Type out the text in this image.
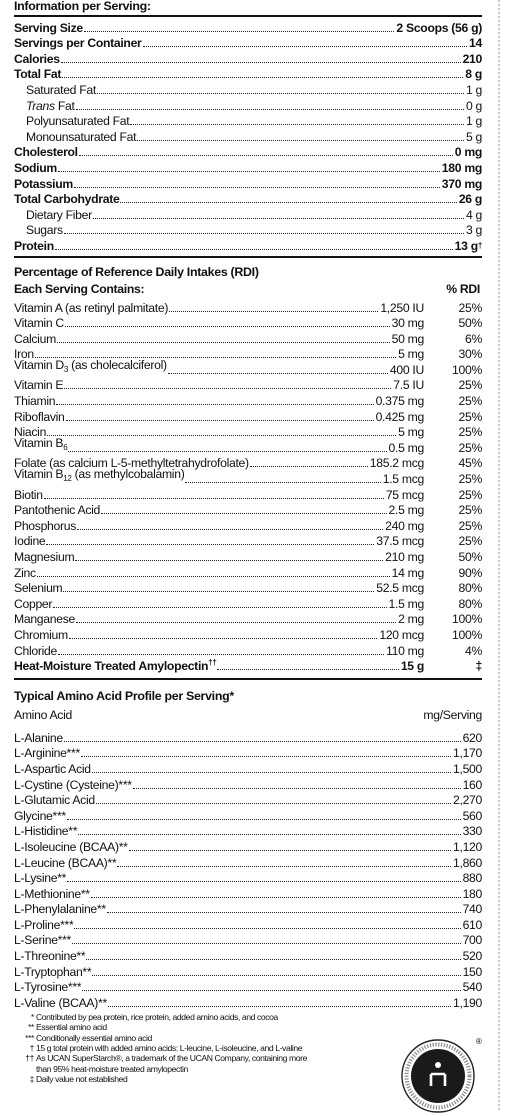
Information per Serving:
Serving Size	2 Scoops (56 g)
Servings per Container	14
Calories	210
Total Fat	8 g
Saturated Fat	1 g
Trans Fat	0 g
Polyunsaturated Fat	1 g
Monounsaturated Fat	5 g
Cholesterol	0 mg
Sodium	180 mg
Potassium	370 mg
Total Carbohydrate	26 g
Dietary Fiber	4 g
Sugars	3 g
Protein	13 g †
Percentage of Reference Daily Intakes (RDI)
Each Serving Contains:	% RDI
Vitamin A (as retinyl palmitate)	1,250 IU	25%
Vitamin C	30 mg	50%
Calcium	50 mg	6%
Iron	5 mg	30%
Vitamin $D_3$ (as cholecalciferol)	400 IU	100%
Vitamin E	7.5 IU	25%
Thiamin	0.375 mg	25%
Riboflavin	0.425 mg	25%
Niacin	5 mg	25%
Vitamin $B_6$	0.5 mg	25%
Folate (as calcium L-5-methyltetrahydrofolate)	185.2 mcg	45%
Vitamin $B_{12}$ (as methylcobalamin)	1.5 mcg	25%
Biotin	75 mcg	25%
Pantothenic Acid	2.5 mg	25%
Phosphorus	240 mg	25%
Iodine	37.5 mcg	25%
Magnesium	210 mg	50%
Zinc	14 mg	90%
Selenium	52.5 mcg	80%
Copper	1.5 mg	80%
Manganese	2 mg	100%
Chromium	120 mcg	100%
Chloride	110 mg	4%
Heat-Moisture Treated Amylopectin††	15 g	‡
Typical Amino Acid Profile per Serving*
Amino Acid	mg/Serving
L-Alanine	620
L-Arginine***	1,170
L-Aspartic Acid	1,500
L-Cystine (Cysteine)***	160
L-Glutamic Acid	2,270
Glycine***	560
L-Histidine**	330
L-Isoleucine (BCAA)**	1,120
L-Leucine (BCAA)**	1,860
L-Lysine**	880
L-Methionine**	180
L-Phenylalanine**	740
L-Proline***	610
L-Serine***	700
L-Threonine**	520
L-Tryptophan**	150
L-Tyrosine***	540
L-Valine (BCAA)**	1,190
* Contributed by pea protein, rice protein, added amino acids, and cocoa
** Essential amino acid
*** Conditionally essential amino acid
† 15 g total protein with added amino acids: L-leucine, L-isoleucine, and L-valine
†† As UCAN SuperStarch®, a trademark of the UCAN Company, containing more
than 95% heat-moisture treated amylopectin
‡ Daily value not established
®
